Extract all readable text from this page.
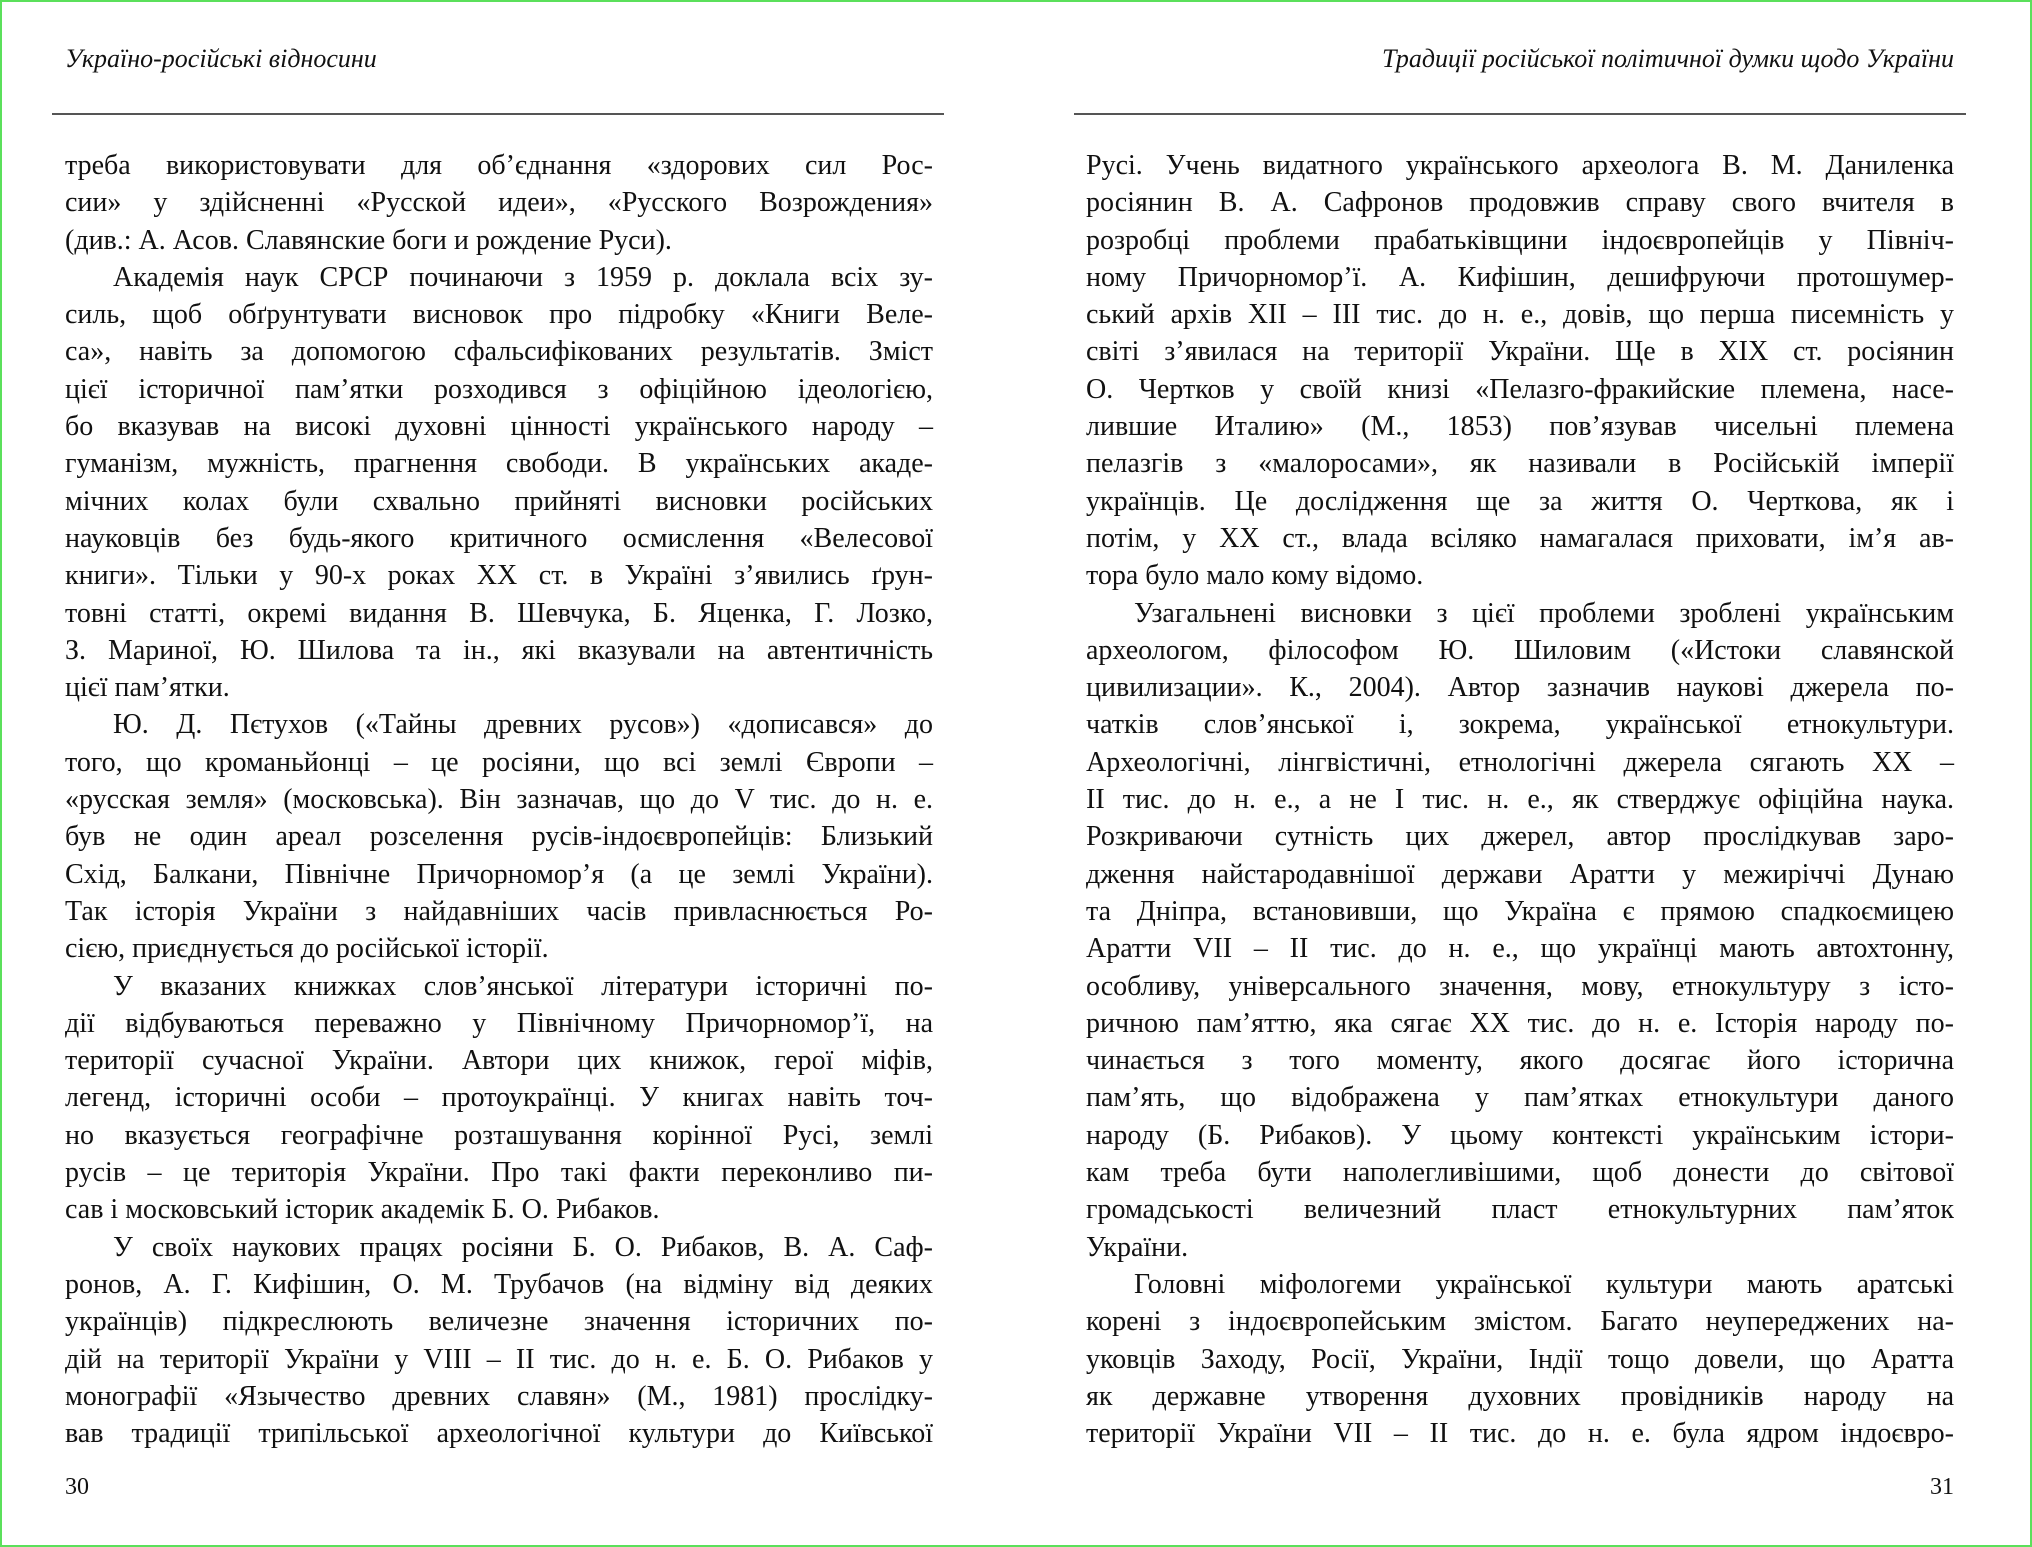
Україно-російські відносини
треба використовувати для об’єднання «здорових сил Рос-
сии» у здійсненні «Русской идеи», «Русского Возрождения»
(див.: А. Асов. Славянские боги и рождение Руси).
Академія наук СРСР починаючи з 1959 р. доклала всіх зу-
силь, щоб обґрунтувати висновок про підробку «Книги Веле-
са», навіть за допомогою сфальсифікованих результатів. Зміст
цієї історичної пам’ятки розходився з офіційною ідеологією,
бо вказував на високі духовні цінності українського народу –
гуманізм, мужність, прагнення свободи. В українських акаде-
мічних колах були схвально прийняті висновки російських
науковців без будь-якого критичного осмислення «Велесової
книги». Тільки у 90-х роках XX ст. в Україні з’явились ґрун-
товні статті, окремі видання В. Шевчука, Б. Яценка, Г. Лозко,
З. Мариної, Ю. Шилова та ін., які вказували на автентичність
цієї пам’ятки.
Ю. Д. Пєтухов («Тайны древних русов») «дописався» до
того, що кроманьйонці – це росіяни, що всі землі Європи –
«русская земля» (московська). Він зазначав, що до V тис. до н. е.
був не один ареал розселення русів-індоєвропейців: Близький
Схід, Балкани, Північне Причорномор’я (а це землі України).
Так історія України з найдавніших часів привласнюється Ро-
сією, приєднується до російської історії.
У вказаних книжках слов’янської літератури історичні по-
дії відбуваються переважно у Північному Причорномор’ї, на
території сучасної України. Автори цих книжок, герої міфів,
легенд, історичні особи – протоукраїнці. У книгах навіть точ-
но вказується географічне розташування корінної Русі, землі
русів – це територія України. Про такі факти переконливо пи-
сав і московський історик академік Б. О. Рибаков.
У своїх наукових працях росіяни Б. О. Рибаков, В. А. Саф-
ронов, А. Г. Кифішин, О. М. Трубачов (на відміну від деяких
українців) підкреслюють величезне значення історичних по-
дій на території України у VIII – II тис. до н. е. Б. О. Рибаков у
монографії «Язычество древних славян» (М., 1981) прослідку-
вав традиції трипільської археологічної культури до Київської
30
Традиції російської політичної думки щодо України
Русі. Учень видатного українського археолога В. М. Даниленка
росіянин В. А. Сафронов продовжив справу свого вчителя в
розробці проблеми прабатьківщини індоєвропейців у Північ-
ному Причорномор’ї. А. Кифішин, дешифруючи протошумер-
ський архів XII – III тис. до н. е., довів, що перша писемність у
світі з’явилася на території України. Ще в XIX ст. росіянин
О. Чертков у своїй книзі «Пелазго-фракийские племена, насе-
лившие Италию» (М., 1853) пов’язував чисельні племена
пелазгів з «малоросами», як називали в Російській імперії
українців. Це дослідження ще за життя О. Черткова, як і
потім, у XX ст., влада всіляко намагалася приховати, ім’я ав-
тора було мало кому відомо.
Узагальнені висновки з цієї проблеми зроблені українським
археологом, філософом Ю. Шиловим («Истоки славянской
цивилизации». К., 2004). Автор зазначив наукові джерела по-
чатків слов’янської і, зокрема, української етнокультури.
Археологічні, лінгвістичні, етнологічні джерела сягають XX –
II тис. до н. е., а не I тис. н. е., як стверджує офіційна наука.
Розкриваючи сутність цих джерел, автор прослідкував заро-
дження найстародавнішої держави Аратти у межиріччі Дунаю
та Дніпра, встановивши, що Україна є прямою спадкоємицею
Аратти VII – II тис. до н. е., що українці мають автохтонну,
особливу, універсального значення, мову, етнокультуру з істо-
ричною пам’яттю, яка сягає XX тис. до н. е. Історія народу по-
чинається з того моменту, якого досягає його історична
пам’ять, що відображена у пам’ятках етнокультури даного
народу (Б. Рибаков). У цьому контексті українським істори-
кам треба бути наполегливішими, щоб донести до світової
громадськості величезний пласт етнокультурних пам’яток
України.
Головні міфологеми української культури мають аратські
корені з індоєвропейським змістом. Багато неупереджених на-
уковців Заходу, Росії, України, Індії тощо довели, що Аратта
як державне утворення духовних провідників народу на
території України VII – II тис. до н. е. була ядром індоєвро-
31
